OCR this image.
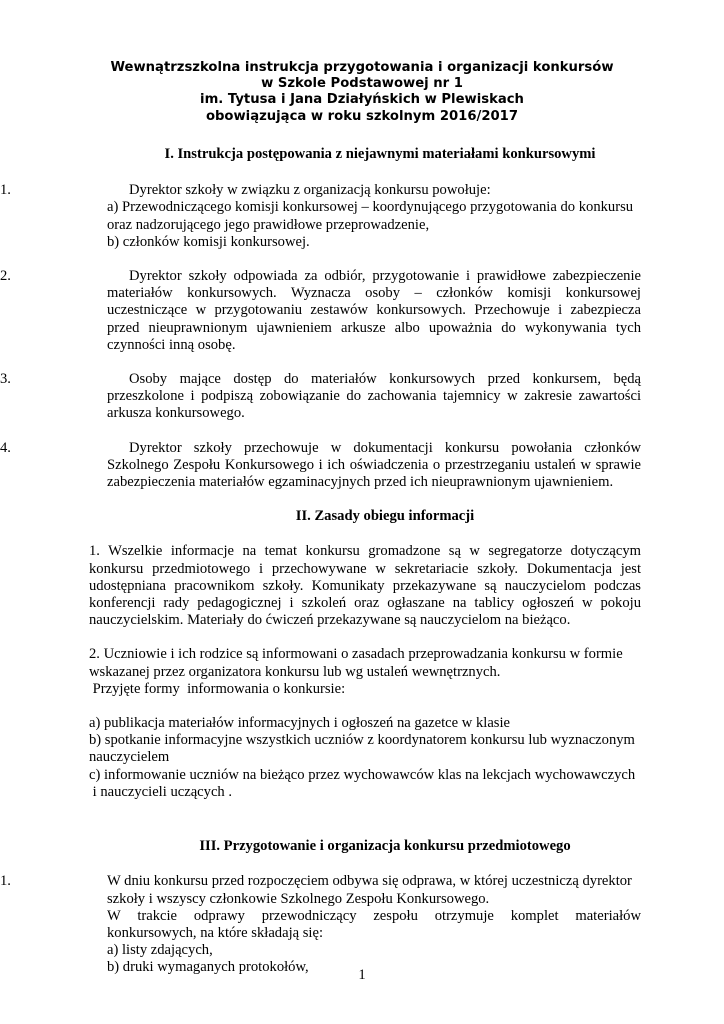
Wewnątrzszkolna instrukcja przygotowania i organizacji konkursów
w Szkole Podstawowej nr 1
im. Tytusa i Jana Działyńskich w Plewiskach
obowiązująca w roku szkolnym 2016/2017
I. Instrukcja postępowania z niejawnymi materiałami konkursowymi
1.	Dyrektor szkoły w związku z organizacją konkursu powołuje:
a) Przewodniczącego komisji konkursowej – koordynującego przygotowania do konkursu
oraz nadzorującego jego prawidłowe przeprowadzenie,
b) członków komisji konkursowej.
2.	Dyrektor szkoły odpowiada za odbiór, przygotowanie i prawidłowe zabezpieczenie materiałów konkursowych. Wyznacza osoby – członków komisji konkursowej uczestniczące w przygotowaniu zestawów konkursowych. Przechowuje i zabezpiecza przed nieuprawnionym ujawnieniem arkusze albo upoważnia do wykonywania tych czynności inną osobę.
3.	Osoby mające dostęp do materiałów konkursowych przed konkursem, będą przeszkolone i podpiszą zobowiązanie do zachowania tajemnicy w zakresie zawartości arkusza konkursowego.
4.	Dyrektor szkoły przechowuje w dokumentacji konkursu powołania członków Szkolnego Zespołu Konkursowego i ich oświadczenia o przestrzeganiu ustaleń w sprawie zabezpieczenia materiałów egzaminacyjnych przed ich nieuprawnionym ujawnieniem.
II. Zasady obiegu informacji
1. Wszelkie informacje na temat konkursu gromadzone są w segregatorze dotyczącym konkursu przedmiotowego i przechowywane w sekretariacie szkoły. Dokumentacja jest udostępniana pracownikom szkoły. Komunikaty przekazywane są nauczycielom podczas konferencji rady pedagogicznej i szkoleń oraz ogłaszane na tablicy ogłoszeń w pokoju nauczycielskim. Materiały do ćwiczeń przekazywane są nauczycielom na bieżąco.
2. Uczniowie i ich rodzice są informowani o zasadach przeprowadzania konkursu w formie
wskazanej przez organizatora konkursu lub wg ustaleń wewnętrznych.
Przyjęte formy  informowania o konkursie:
a) publikacja materiałów informacyjnych i ogłoszeń na gazetce w klasie
b) spotkanie informacyjne wszystkich uczniów z koordynatorem konkursu lub wyznaczonym
nauczycielem
c) informowanie uczniów na bieżąco przez wychowawców klas na lekcjach wychowawczych
i nauczycieli uczących .
III. Przygotowanie i organizacja konkursu przedmiotowego
1.	W dniu konkursu przed rozpoczęciem odbywa się odprawa, w której uczestniczą dyrektor
szkoły i wszyscy członkowie Szkolnego Zespołu Konkursowego.
W trakcie odprawy przewodniczący zespołu otrzymuje komplet materiałów konkursowych, na które składają się:
a) listy zdających,
b) druki wymaganych protokołów,	1
